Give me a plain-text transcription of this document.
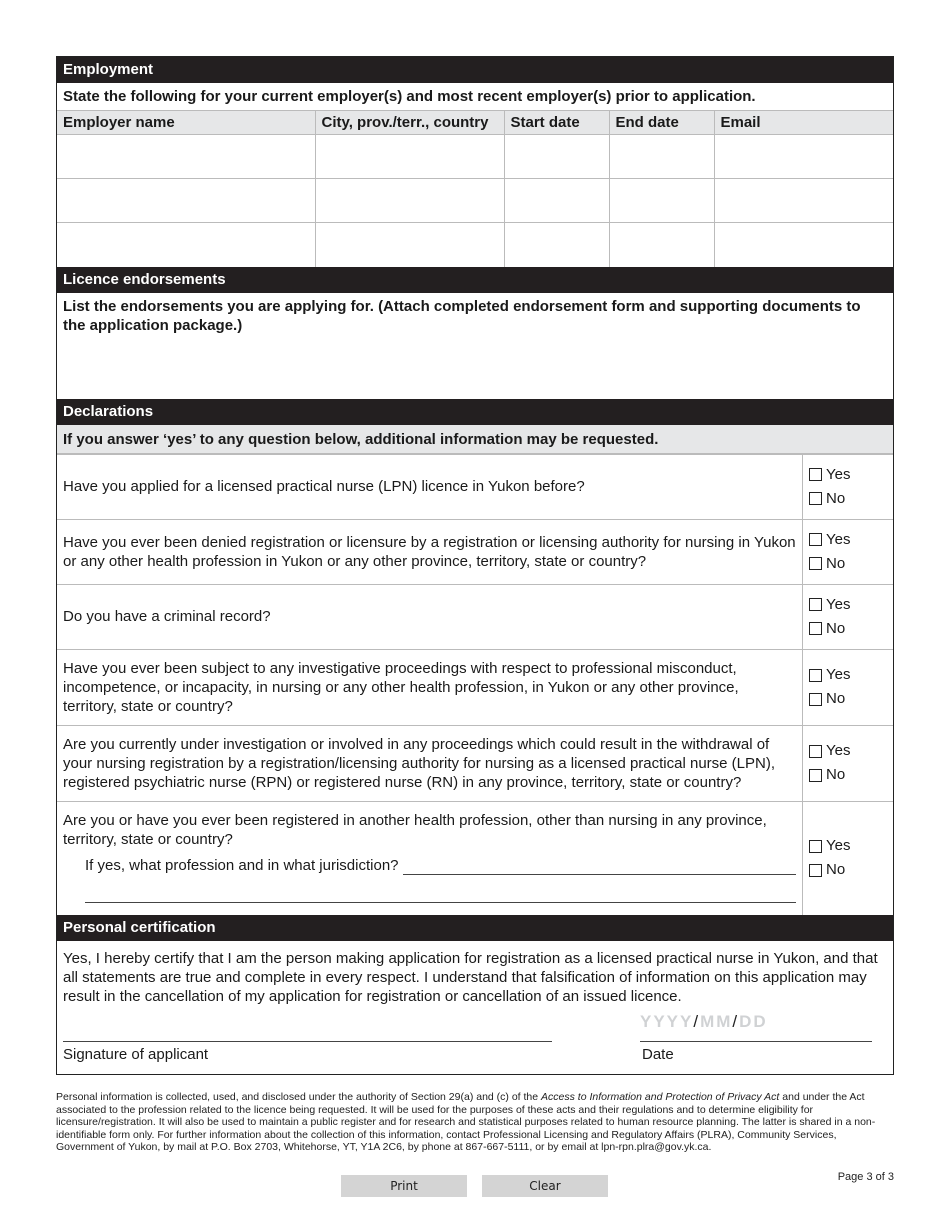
Employment
State the following for your current employer(s) and most recent employer(s) prior to application.
Employer name	City, prov./terr., country	Start date	End date	Email

Licence endorsements
List the endorsements you are applying for. (Attach completed endorsement form and supporting documents to the application package.)
Declarations
If you answer ‘yes’ to any question below, additional information may be requested.
Have you applied for a licensed practical nurse (LPN) licence in Yukon before?
Yes
No
Have you ever been denied registration or licensure by a registration or licensing authority for nursing in Yukon or any other health profession in Yukon or any other province, territory, state or country?
Yes
No
Do you have a criminal record?
Yes
No
Have you ever been subject to any investigative proceedings with respect to professional misconduct, incompetence, or incapacity, in nursing or any other health profession, in Yukon or any other province, territory, state or country?
Yes
No
Are you currently under investigation or involved in any proceedings which could result in the withdrawal of your nursing registration by a registration/licensing authority for nursing as a licensed practical nurse (LPN), registered psychiatric nurse (RPN) or registered nurse (RN) in any province, territory, state or country?
Yes
No
Are you or have you ever been registered in another health profession, other than nursing in any province, territory, state or country?
If yes, what profession and in what jurisdiction?
Yes
No
Personal certification
Yes, I hereby certify that I am the person making application for registration as a licensed practical nurse in Yukon, and that all statements are true and complete in every respect. I understand that falsification of information on this application may result in the cancellation of my application for registration or cancellation of an issued licence.
Signature of applicant
YYYY/MM/DD
Date
Personal information is collected, used, and disclosed under the authority of Section 29(a) and (c) of the Access to Information and Protection of Privacy Act and under the Act associated to the profession related to the licence being requested. It will be used for the purposes of these acts and their regulations and to determine eligibility for licensure/registration. It will also be used to maintain a public register and for research and statistical purposes related to human resource planning. The latter is shared in a non-identifiable form only. For further information about the collection of this information, contact Professional Licensing and Regulatory Affairs (PLRA), Community Services, Government of Yukon, by mail at P.O. Box 2703, Whitehorse, YT, Y1A 2C6, by phone at 867-667-5111, or by email at lpn-rpn.plra@gov.yk.ca.
Page 3 of 3
Print	Clear
